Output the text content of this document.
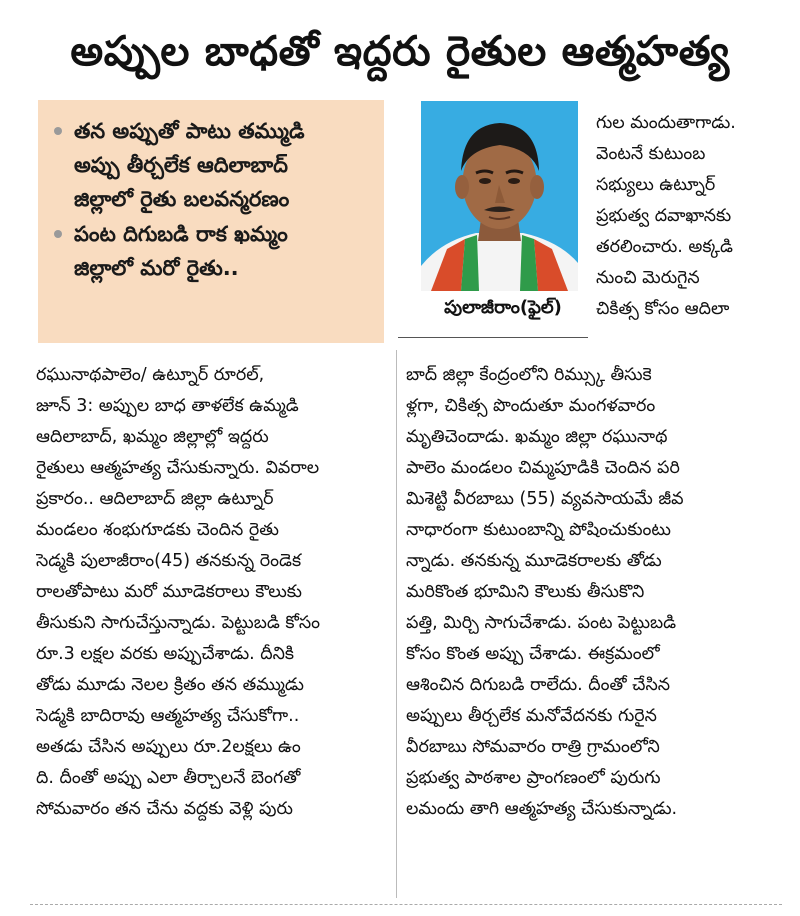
అప్పుల బాధతో ఇద్దరు రైతుల ఆత్మహత్య
తన అప్పుతో పాటు తమ్ముడి
అప్పు తీర్చలేక ఆదిలాబాద్
జిల్లాలో రైతు బలవన్మరణం
పంట దిగుబడి రాక ఖమ్మం
జిల్లాలో మరో రైతు..
పులాజీరాం(ఫైల్)
గుల మందుతాగాడు.
వెంటనే కుటుంబ
సభ్యులు ఉట్నూర్
ప్రభుత్వ దవాఖానకు
తరలించారు. అక్కడి
నుంచి మెరుగైన
చికిత్స కోసం ఆదిలా
రఘునాథపాలెం/ ఉట్నూర్ రూరల్,
జూన్ 3: అప్పుల బాధ తాళలేక ఉమ్మడి
ఆదిలాబాద్, ఖమ్మం జిల్లాల్లో ఇద్దరు
రైతులు ఆత్మహత్య చేసుకున్నారు. వివరాల
ప్రకారం.. ఆదిలాబాద్ జిల్లా ఉట్నూర్
మండలం శంభుగూడకు చెందిన రైతు
సెడ్మకి పులాజీరాం(45) తనకున్న రెండెక
రాలతోపాటు మరో మూడెకరాలు కౌలుకు
తీసుకుని సాగుచేస్తున్నాడు. పెట్టుబడి కోసం
రూ.3 లక్షల వరకు అప్పుచేశాడు. దీనికి
తోడు మూడు నెలల క్రితం తన తమ్ముడు
సెడ్మకి బాదిరావు ఆత్మహత్య చేసుకోగా..
అతడు చేసిన అప్పులు రూ.2లక్షలు ఉం
ది. దీంతో అప్పు ఎలా తీర్చాలనే బెంగతో
సోమవారం తన చేను వద్దకు వెళ్లి పురు
బాద్ జిల్లా కేంద్రంలోని రిమ్స్కు తీసుకె
ళ్లగా, చికిత్స పొందుతూ మంగళవారం
మృతిచెందాడు. ఖమ్మం జిల్లా రఘునాథ
పాలెం మండలం చిమ్మపూడికి చెందిన పరి
మిశెట్టి వీరబాబు (55) వ్యవసాయమే జీవ
నాధారంగా కుటుంబాన్ని పోషించుకుంటు
న్నాడు. తనకున్న మూడెకరాలకు తోడు
మరికొంత భూమిని కౌలుకు తీసుకొని
పత్తి, మిర్చి సాగుచేశాడు. పంట పెట్టుబడి
కోసం కొంత అప్పు చేశాడు. ఈక్రమంలో
ఆశించిన దిగుబడి రాలేదు. దీంతో చేసిన
అప్పులు తీర్చలేక మనోవేదనకు గురైన
వీరబాబు సోమవారం రాత్రి గ్రామంలోని
ప్రభుత్వ పాఠశాల ప్రాంగణంలో పురుగు
లమందు తాగి ఆత్మహత్య చేసుకున్నాడు.
